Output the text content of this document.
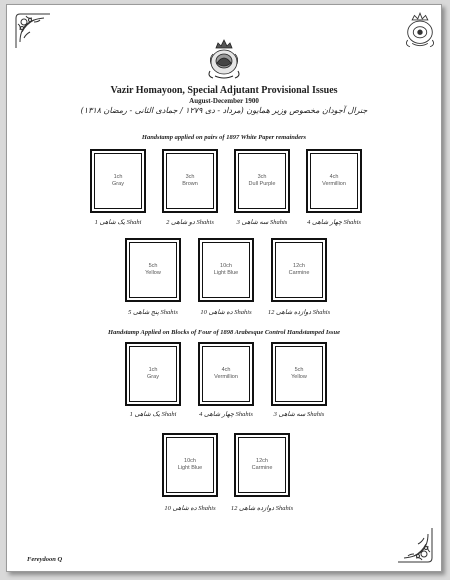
Vazir Homayoon, Special Adjutant Provisional Issues
August-December 1900
جنرال آجودان مخصوص وزیر همایون (مرداد - دی ۱۲۷۹ / جمادی الثانی - رمضان ۱۳۱۸)
Handstamp applied on pairs of 1897 White Paper remainders
1ch
Gray
یک شاهی 1 Shahi
3ch
Brown
دو شاهی 2 Shahis
3ch
Dull Purple
سه شاهی 3 Shahis
4ch
Vermillion
چهار شاهی 4 Shahis
5ch
Yellow
پنج شاهی 5 Shahis
10ch
Light Blue
ده شاهی 10 Shahis
12ch
Carmine
دوازده شاهی 12 Shahis
Handstamp Applied on Blocks of Four of 1898 Arabesque Control Handstamped Issue
1ch
Gray
یک شاهی 1 Shahi
4ch
Vermillion
چهار شاهی 4 Shahis
5ch
Yellow
سه شاهی 3 Shahis
10ch
Light Blue
ده شاهی 10 Shahis
12ch
Carmine
دوازده شاهی 12 Shahis
Fereydoon Q
